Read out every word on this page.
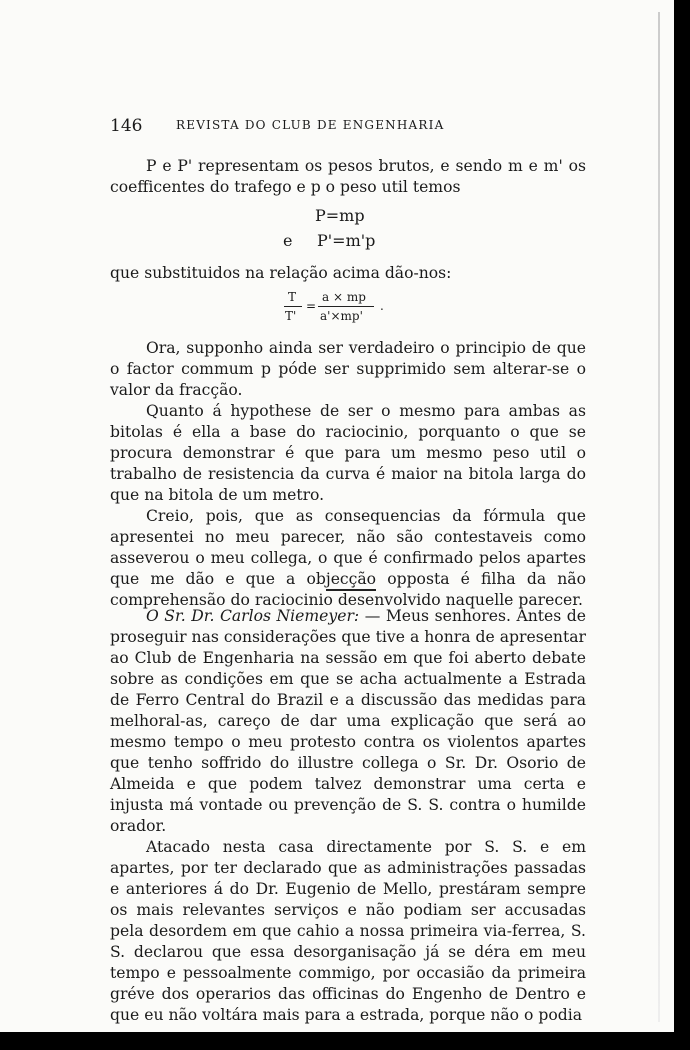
146	REVISTA DO CLUB DE ENGENHARIA

P e P' representam os pesos brutos, e sendo m e m' os coefficentes do trafego e p o peso util temos

P=mp
e P'=m'p

que substituidos na relação acima dão-nos:

T
T'
=
a × mp
a'×mp'
.

Ora, supponho ainda ser verdadeiro o principio de que o factor commum p póde ser supprimido sem alterar-se o valor da fracção.

Quanto á hypothese de ser o mesmo para ambas as bitolas é ella a base do raciocinio, porquanto o que se procura demonstrar é que para um mesmo peso util o trabalho de resistencia da curva é maior na bitola larga do que na bitola de um metro.

Creio, pois, que as consequencias da fórmula que apresentei no meu parecer, não são contestaveis como asseverou o meu collega, o que é confirmado pelos apartes que me dão e que a objecção opposta é filha da não comprehensão do raciocinio desenvolvido naquelle parecer.

O Sr. Dr. Carlos Niemeyer: — Meus senhores. Antes de proseguir nas considerações que tive a honra de apresentar ao Club de Engenharia na sessão em que foi aberto debate sobre as condições em que se acha actualmente a Estrada de Ferro Central do Brazil e a discussão das medidas para melhoral-as, careço de dar uma explicação que será ao mesmo tempo o meu protesto contra os violentos apartes que tenho soffrido do illustre collega o Sr. Dr. Osorio de Almeida e que podem talvez demonstrar uma certa e injusta má vontade ou prevenção de S. S. contra o humilde orador.

Atacado nesta casa directamente por S. S. e em apartes, por ter declarado que as administrações passadas e anteriores á do Dr. Eugenio de Mello, prestáram sempre os mais relevantes serviços e não podiam ser accusadas pela desordem em que cahio a nossa primeira via-ferrea, S. S. declarou que essa desorganisação já se déra em meu tempo e pessoalmente commigo, por occasião da primeira gréve dos operarios das officinas do Engenho de Dentro e que eu não voltára mais para a estrada, porque não o podia
